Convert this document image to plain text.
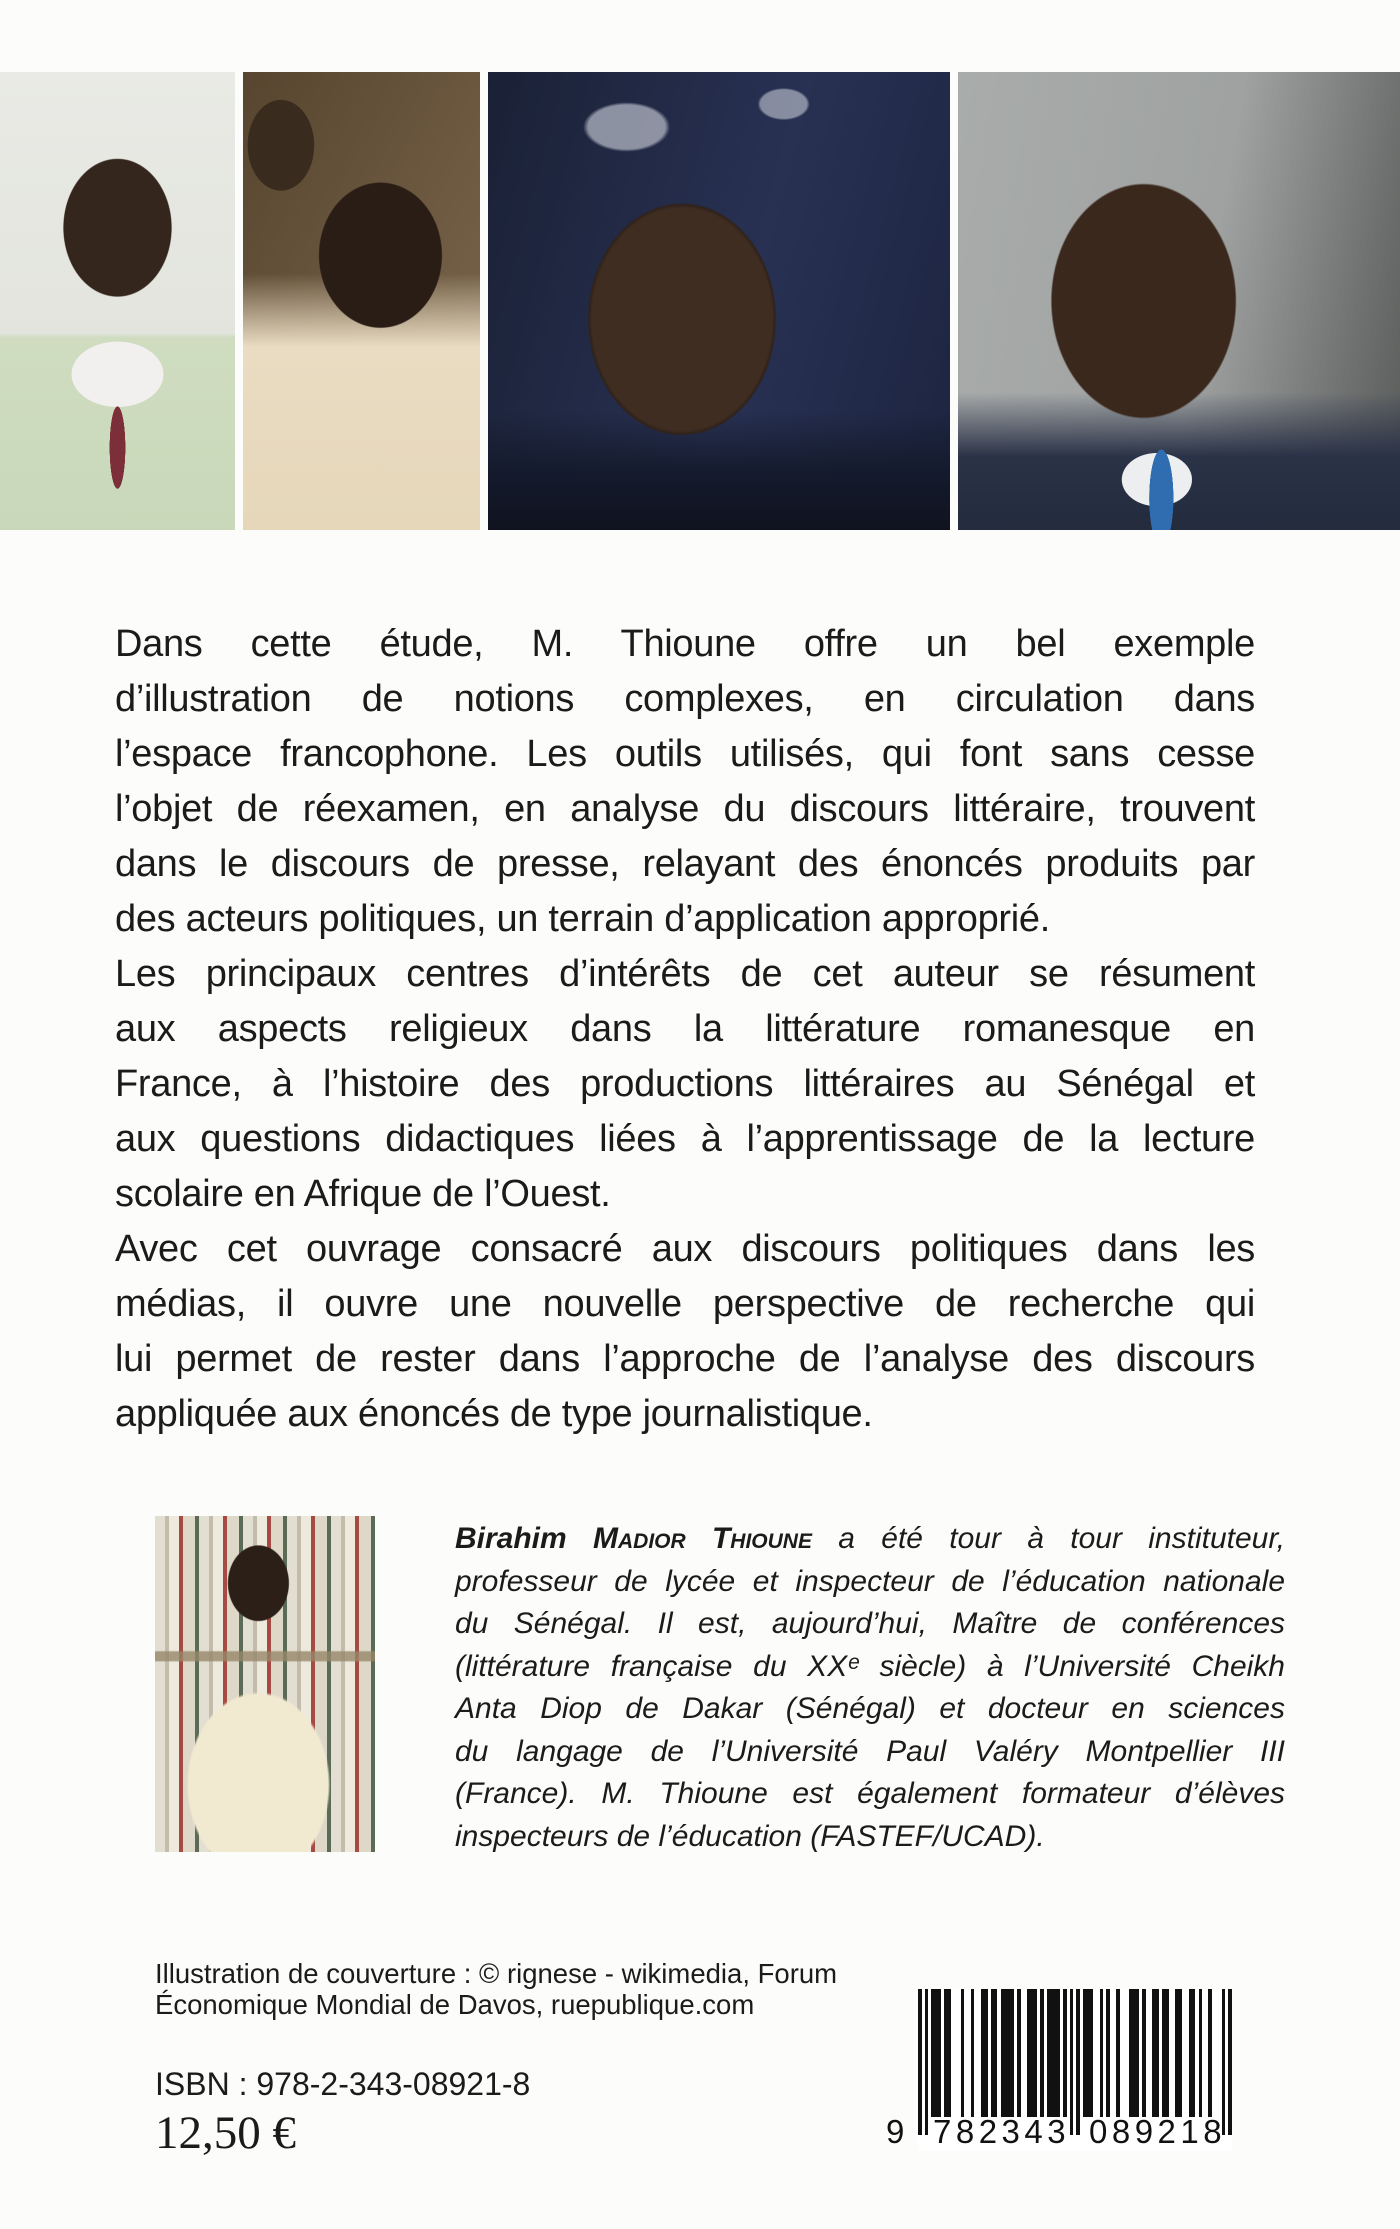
Dans cette étude, M. Thioune offre un bel exemple
d’illustration de notions complexes, en circulation dans
l’espace francophone. Les outils utilisés, qui font sans cesse
l’objet de réexamen, en analyse du discours littéraire, trouvent
dans le discours de presse, relayant des énoncés produits par
des acteurs politiques, un terrain d’application approprié.
Les principaux centres d’intérêts de cet auteur se résument
aux aspects religieux dans la littérature romanesque en
France, à l’histoire des productions littéraires au Sénégal et
aux questions didactiques liées à l’apprentissage de la lecture
scolaire en Afrique de l’Ouest.
Avec cet ouvrage consacré aux discours politiques dans les
médias, il ouvre une nouvelle perspective de recherche qui
lui permet de rester dans l’approche de l’analyse des discours
appliquée aux énoncés de type journalistique.
Birahim Madior Thioune a été tour à tour instituteur,
professeur de lycée et inspecteur de l’éducation nationale
du Sénégal. Il est, aujourd’hui, Maître de conférences
(littérature française du XXᵉ siècle) à l’Université Cheikh
Anta Diop de Dakar (Sénégal) et docteur en sciences
du langage de l’Université Paul Valéry Montpellier III
(France). M. Thioune est également formateur d’élèves
inspecteurs de l’éducation (FASTEF/UCAD).
Illustration de couverture : © rignese - wikimedia, Forum
Économique Mondial de Davos, ruepublique.com
ISBN : 978-2-343-08921-8
12,50 €	9 782343 089218
